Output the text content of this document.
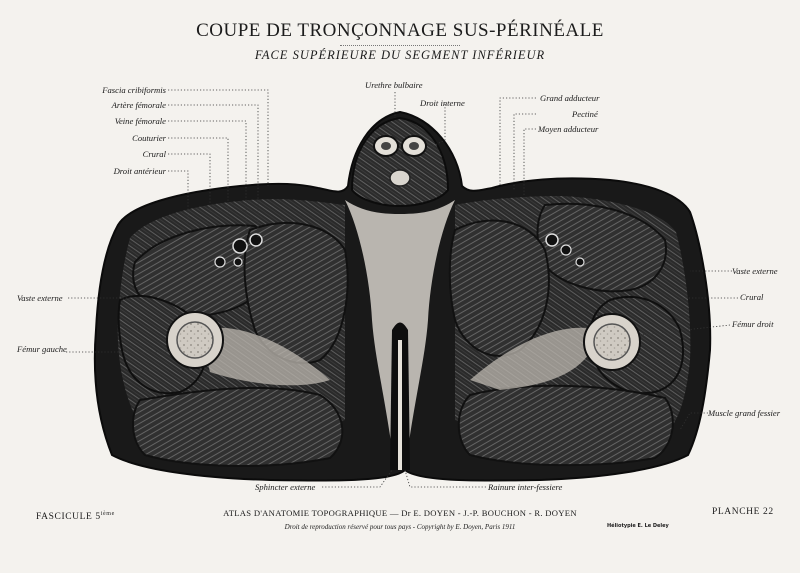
COUPE DE TRONÇONNAGE SUS-PÉRINÉALE
FACE SUPÉRIEURE DU SEGMENT INFÉRIEUR
Fascia cribiformis
Artère fémorale
Veine fémorale
Couturier
Crural
Droit antérieur
Urethre bulbaire
Droit interne	Grand adducteur
Pectiné
Moyen adducteur
Vaste externe
Fémur gauche
Vaste externe
Crural
Fémur droit
Muscle grand fessier
Sphincter externe	Rainure inter-fessiere
FASCICULE 5ième	ATLAS D'ANATOMIE TOPOGRAPHIQUE — Dr E. DOYEN - J.-P. BOUCHON - R. DOYEN
Droit de reproduction réservé pour tous pays - Copyright by E. Doyen, Paris 1911	Héliotypie E. Le Deley
PLANCHE 22
